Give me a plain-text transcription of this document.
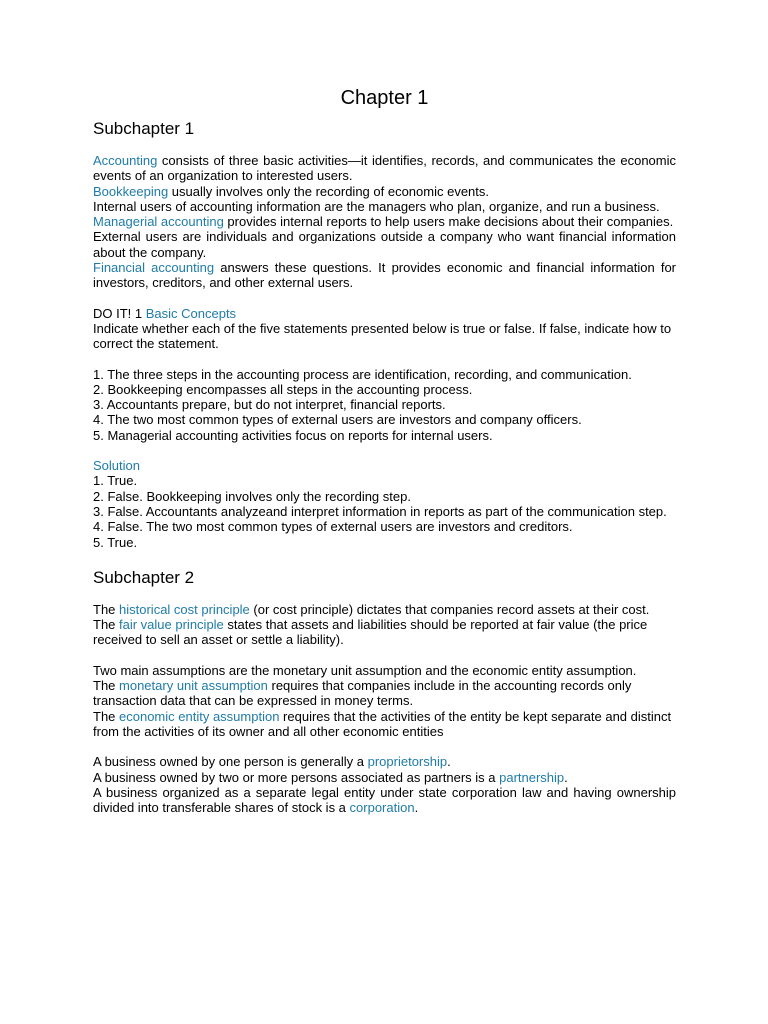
Chapter 1
Subchapter 1

Accounting consists of three basic activities—it identifies, records, and communicates the economic events of an organization to interested users.

Bookkeeping usually involves only the recording of economic events.

Internal users of accounting information are the managers who plan, organize, and run a business.

Managerial accounting provides internal reports to help users make decisions about their companies.

External users are individuals and organizations outside a company who want financial information about the company.

Financial accounting answers these questions. It provides economic and financial information for investors, creditors, and other external users.

DO IT! 1 Basic Concepts

Indicate whether each of the five statements presented below is true or false. If false, indicate how to correct the statement.

1. The three steps in the accounting process are identification, recording, and communication.

2. Bookkeeping encompasses all steps in the accounting process.

3. Accountants prepare, but do not interpret, financial reports.

4. The two most common types of external users are investors and company officers.

5. Managerial accounting activities focus on reports for internal users.

Solution

1. True.

2. False. Bookkeeping involves only the recording step.

3. False. Accountants analyzeand interpret information in reports as part of the communication step.

4. False. The two most common types of external users are investors and creditors.

5. True.

Subchapter 2

The historical cost principle (or cost principle) dictates that companies record assets at their cost.

The fair value principle states that assets and liabilities should be reported at fair value (the price received to sell an asset or settle a liability).

Two main assumptions are the monetary unit assumption and the economic entity assumption.

The monetary unit assumption requires that companies include in the accounting records only transaction data that can be expressed in money terms.

The economic entity assumption requires that the activities of the entity be kept separate and distinct from the activities of its owner and all other economic entities

A business owned by one person is generally a proprietorship.

A business owned by two or more persons associated as partners is a partnership.

A business organized as a separate legal entity under state corporation law and having ownership divided into transferable shares of stock is a corporation.
